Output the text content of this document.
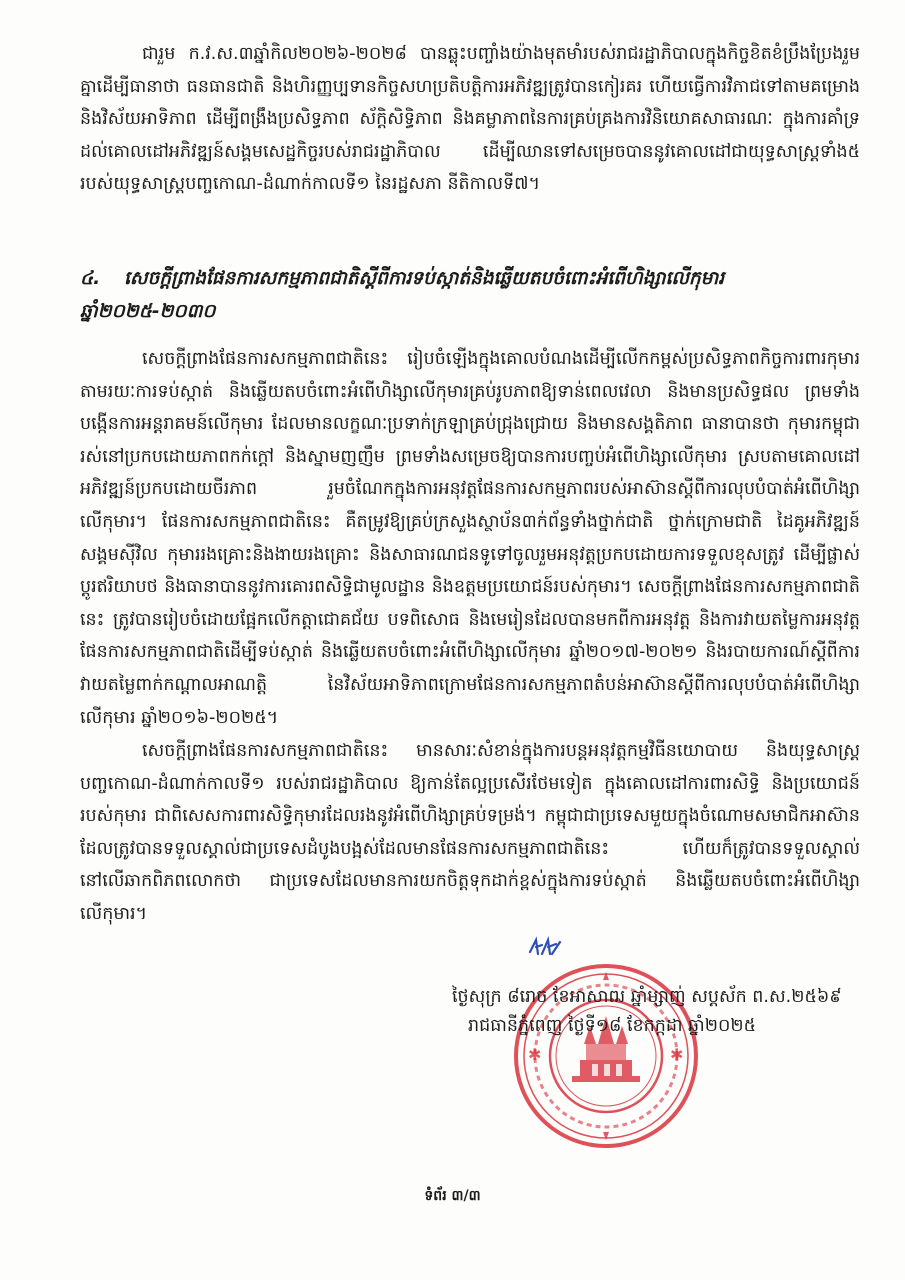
ជារួម ក.វ.ស.៣ឆ្នាំកិល២០២៦-២០២៨ បានឆ្លុះបញ្ចាំងយ៉ាងមុតមាំរបស់រាជរដ្ឋាភិបាលក្នុងកិច្ចខិតខំប្រឹងប្រែងរួមគ្នាដើម្បីធានាថា ធនធានជាតិ និងហិរញ្ញប្បទានកិច្ចសហប្រតិបត្តិការអភិវឌ្ឍត្រូវបានកៀរគរ ហើយធ្វើការវិភាជទៅតាមគម្រោងនិងវិស័យអាទិភាព ដើម្បីពង្រឹងប្រសិទ្ធភាព ស័ក្តិសិទ្ធិភាព និងគម្លាភាពនៃការគ្រប់គ្រងការវិនិយោគសាធារណៈ ក្នុងការគាំទ្រដល់គោលដៅអភិវឌ្ឍន៍សង្គមសេដ្ឋកិច្ចរបស់រាជរដ្ឋាភិបាល ដើម្បីឈានទៅសម្រេចបាននូវគោលដៅជាយុទ្ធសាស្ត្រទាំង៥ របស់យុទ្ធសាស្ត្របញ្ចកោណ-ដំណាក់កាលទី១ នៃរដ្ឋសភា នីតិកាលទី៧។

៤. សេចក្តីព្រាងផែនការសកម្មភាពជាតិស្តីពីការទប់ស្កាត់និងឆ្លើយតបចំពោះអំពើហិង្សាលើកុមារ ឆ្នាំ២០២៥-២០៣០

សេចក្តីព្រាងផែនការសកម្មភាពជាតិនេះ រៀបចំឡើងក្នុងគោលបំណងដើម្បីលើកកម្ពស់ប្រសិទ្ធភាពកិច្ចការពារកុមារ តាមរយៈការទប់ស្កាត់ និងឆ្លើយតបចំពោះអំពើហិង្សាលើកុមារគ្រប់រូបភាពឱ្យទាន់ពេលវេលា និងមានប្រសិទ្ធផល ព្រមទាំងបង្កើនការអន្តរាគមន៍លើកុមារ ដែលមានលក្ខណៈប្រទាក់ក្រឡាគ្រប់ជ្រុងជ្រោយ និងមានសង្គតិភាព ធានាបានថា កុមារកម្ពុជារស់នៅប្រកបដោយភាពកក់ក្តៅ និងស្នាមញញឹម ព្រមទាំងសម្រេចឱ្យបានការបញ្ចប់អំពើហិង្សាលើកុមារ ស្របតាមគោលដៅអភិវឌ្ឍន៍ប្រកបដោយចីរភាព រួមចំណែកក្នុងការអនុវត្តផែនការសកម្មភាពរបស់អាស៊ានស្តីពីការលុបបំបាត់អំពើហិង្សាលើកុមារ។ ផែនការសកម្មភាពជាតិនេះ គឺតម្រូវឱ្យគ្រប់ក្រសួងស្ថាប័ន៣ក់ព័ន្ធទាំងថ្នាក់ជាតិ ថ្នាក់ក្រោមជាតិ ដៃគូអភិវឌ្ឍន៍ សង្គមស៊ីវិល កុមាររងគ្រោះនិងងាយរងគ្រោះ និងសាធារណជនទូទៅចូលរួមអនុវត្តប្រកបដោយការទទួលខុសត្រូវ ដើម្បីផ្លាស់ប្តូរឥរិយាបថ និងធានាបាននូវការគោរពសិទ្ធិជាមូលដ្ឋាន និងឧត្តមប្រយោជន៍របស់កុមារ។ សេចក្តីព្រាងផែនការសកម្មភាពជាតិនេះ ត្រូវបានរៀបចំដោយផ្អែកលើកត្តាជោគជ័យ បទពិសោធ និងមេរៀនដែលបានមកពីការអនុវត្ត និងការវាយតម្លៃការអនុវត្តផែនការសកម្មភាពជាតិដើម្បីទប់ស្កាត់ និងឆ្លើយតបចំពោះអំពើហិង្សាលើកុមារ ឆ្នាំ២០១៧-២០២១ និងរបាយការណ៍ស្តីពីការវាយតម្លៃពាក់កណ្តាលអាណត្តិ នៃវិស័យអាទិភាពក្រោមផែនការសកម្មភាពតំបន់អាស៊ានស្តីពីការលុបបំបាត់អំពើហិង្សាលើកុមារ ឆ្នាំ២០១៦-២០២៥។

សេចក្តីព្រាងផែនការសកម្មភាពជាតិនេះ មានសារៈសំខាន់ក្នុងការបន្តអនុវត្តកម្មវិធីនយោបាយ និងយុទ្ធសាស្ត្របញ្ចកោណ-ដំណាក់កាលទី១ របស់រាជរដ្ឋាភិបាល ឱ្យកាន់តែល្អប្រសើរថែមទៀត ក្នុងគោលដៅការពារសិទ្ធិ និងប្រយោជន៍របស់កុមារ ជាពិសេសការពារសិទ្ធិកុមារដែលរងនូវអំពើហិង្សាគ្រប់ទម្រង់។ កម្ពុជាជាប្រទេសមួយក្នុងចំណោមសមាជិកអាស៊ានដែលត្រូវបានទទួលស្គាល់ជាប្រទេសដំបូងបង្អស់ដែលមានផែនការសកម្មភាពជាតិនេះ ហើយក៏ត្រូវបានទទួលស្គាល់នៅលើឆាកពិភពលោកថា ជាប្រទេសដែលមានការយកចិត្តទុកដាក់ខ្ពស់ក្នុងការទប់ស្កាត់ និងឆ្លើយតបចំពោះអំពើហិង្សាលើកុមារ។

✱	✱
ថ្ងៃសុក្រ ៨រោច ខែអាសាឍ ឆ្នាំម្សាញ់ សប្តស័ក ព.ស.២៥៦៩
រាជធានីភ្នំពេញ ថ្ងៃទី១៨ ខែកក្កដា ឆ្នាំ២០២៥
ទំព័រ ៣/៣
